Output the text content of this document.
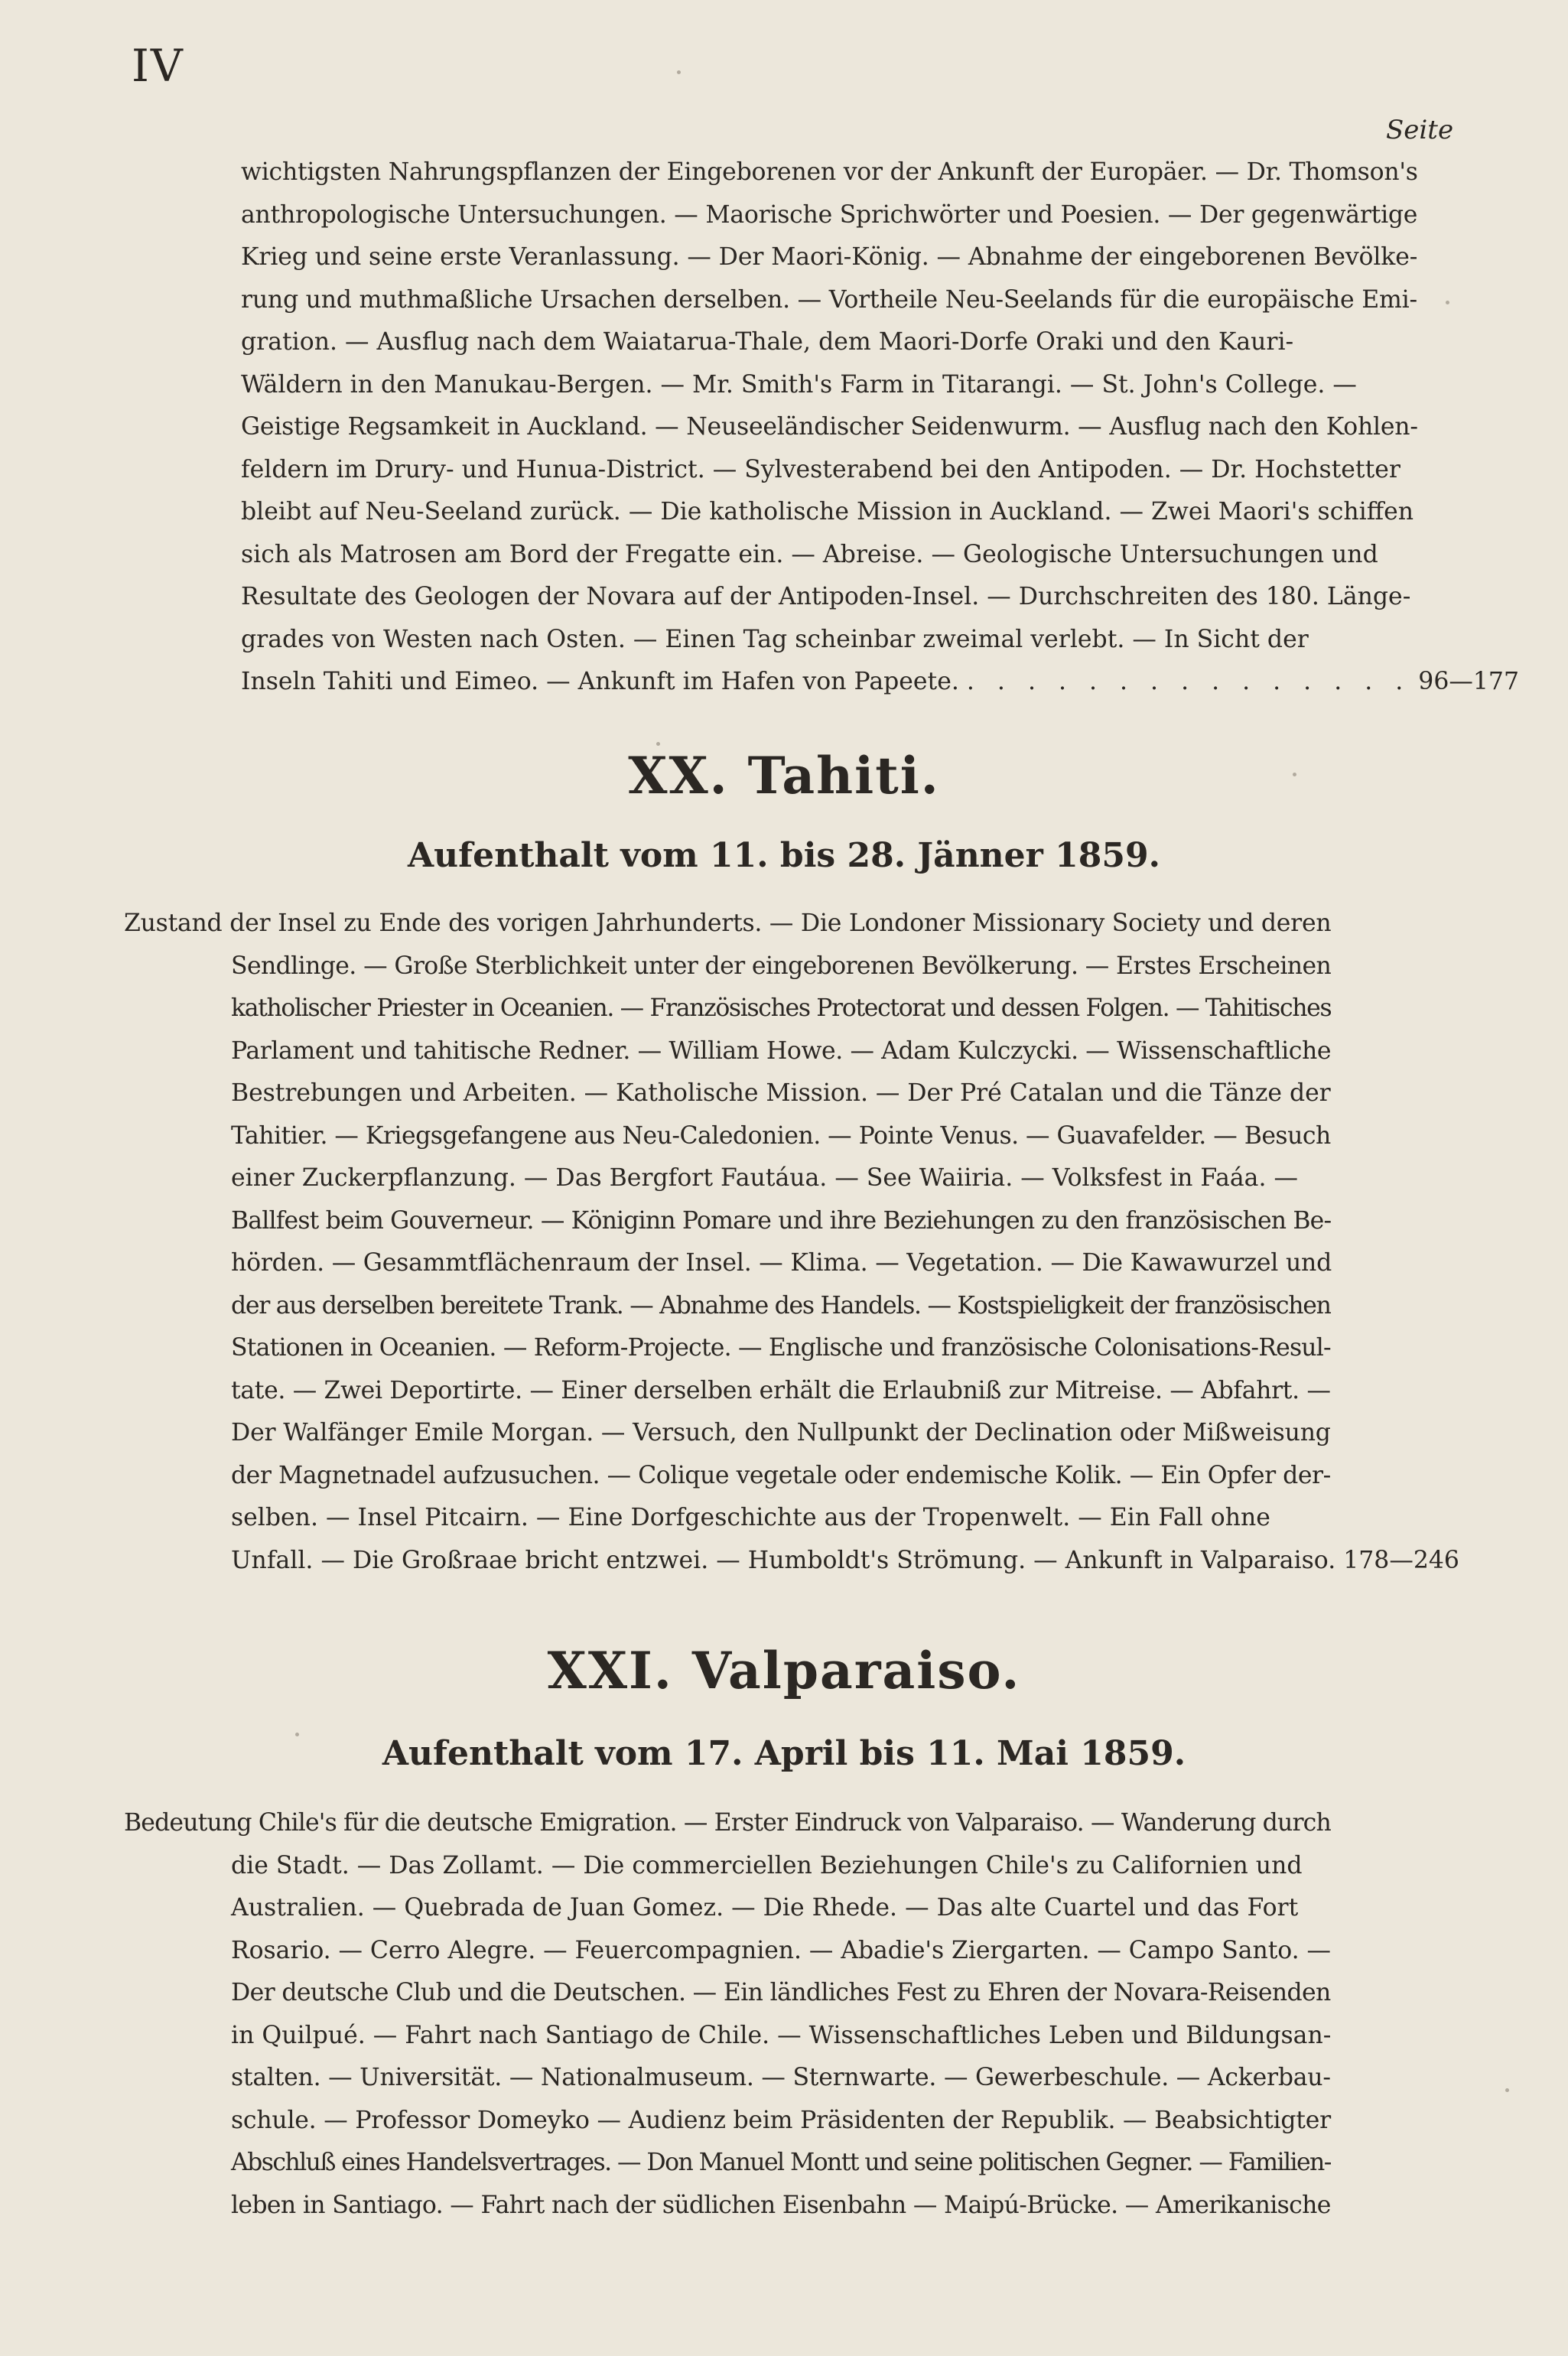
IV
Seite
wichtigsten Nahrungspflanzen der Eingeborenen vor der Ankunft der Europäer. — Dr. Thomson's
anthropologische Untersuchungen. — Maorische Sprichwörter und Poesien. — Der gegenwärtige
Krieg und seine erste Veranlassung. — Der Maori-König. — Abnahme der eingeborenen Bevölke-
rung und muthmaßliche Ursachen derselben. — Vortheile Neu-Seelands für die europäische Emi-
gration. — Ausflug nach dem Waiatarua-Thale, dem Maori-Dorfe Oraki und den Kauri-
Wäldern in den Manukau-Bergen. — Mr. Smith's Farm in Titarangi. — St. John's College. —
Geistige Regsamkeit in Auckland. — Neuseeländischer Seidenwurm. — Ausflug nach den Kohlen-
feldern im Drury- und Hunua-District. — Sylvesterabend bei den Antipoden. — Dr. Hochstetter
bleibt auf Neu-Seeland zurück. — Die katholische Mission in Auckland. — Zwei Maori's schiffen
sich als Matrosen am Bord der Fregatte ein. — Abreise. — Geologische Untersuchungen und
Resultate des Geologen der Novara auf der Antipoden-Insel. — Durchschreiten des 180. Länge-
grades von Westen nach Osten. — Einen Tag scheinbar zweimal verlebt. — In Sicht der
Inseln Tahiti und Eimeo. — Ankunft im Hafen von Papeete. . . . . . . . . . . . . . . . 96—177
XX. Tahiti.
Aufenthalt vom 11. bis 28. Jänner 1859.
Zustand der Insel zu Ende des vorigen Jahrhunderts. — Die Londoner Missionary Society und deren
Sendlinge. — Große Sterblichkeit unter der eingeborenen Bevölkerung. — Erstes Erscheinen
katholischer Priester in Oceanien. — Französisches Protectorat und dessen Folgen. — Tahitisches
Parlament und tahitische Redner. — William Howe. — Adam Kulczycki. — Wissenschaftliche
Bestrebungen und Arbeiten. — Katholische Mission. — Der Pré Catalan und die Tänze der
Tahitier. — Kriegsgefangene aus Neu-Caledonien. — Pointe Venus. — Guavafelder. — Besuch
einer Zuckerpflanzung. — Das Bergfort Fautáua. — See Waiiria. — Volksfest in Faáa. —
Ballfest beim Gouverneur. — Königinn Pomare und ihre Beziehungen zu den französischen Be-
hörden. — Gesammtflächenraum der Insel. — Klima. — Vegetation. — Die Kawawurzel und
der aus derselben bereitete Trank. — Abnahme des Handels. — Kostspieligkeit der französischen
Stationen in Oceanien. — Reform-Projecte. — Englische und französische Colonisations-Resul-
tate. — Zwei Deportirte. — Einer derselben erhält die Erlaubniß zur Mitreise. — Abfahrt. —
Der Walfänger Emile Morgan. — Versuch, den Nullpunkt der Declination oder Mißweisung
der Magnetnadel aufzusuchen. — Colique vegetale oder endemische Kolik. — Ein Opfer der-
selben. — Insel Pitcairn. — Eine Dorfgeschichte aus der Tropenwelt. — Ein Fall ohne
Unfall. — Die Großraae bricht entzwei. — Humboldt's Strömung. — Ankunft in Valparaiso. 178—246
XXI. Valparaiso.
Aufenthalt vom 17. April bis 11. Mai 1859.
Bedeutung Chile's für die deutsche Emigration. — Erster Eindruck von Valparaiso. — Wanderung durch
die Stadt. — Das Zollamt. — Die commerciellen Beziehungen Chile's zu Californien und
Australien. — Quebrada de Juan Gomez. — Die Rhede. — Das alte Cuartel und das Fort
Rosario. — Cerro Alegre. — Feuercompagnien. — Abadie's Ziergarten. — Campo Santo. —
Der deutsche Club und die Deutschen. — Ein ländliches Fest zu Ehren der Novara-Reisenden
in Quilpué. — Fahrt nach Santiago de Chile. — Wissenschaftliches Leben und Bildungsan-
stalten. — Universität. — Nationalmuseum. — Sternwarte. — Gewerbeschule. — Ackerbau-
schule. — Professor Domeyko — Audienz beim Präsidenten der Republik. — Beabsichtigter
Abschluß eines Handelsvertrages. — Don Manuel Montt und seine politischen Gegner. — Familien-
leben in Santiago. — Fahrt nach der südlichen Eisenbahn — Maipú-Brücke. — Amerikanische
